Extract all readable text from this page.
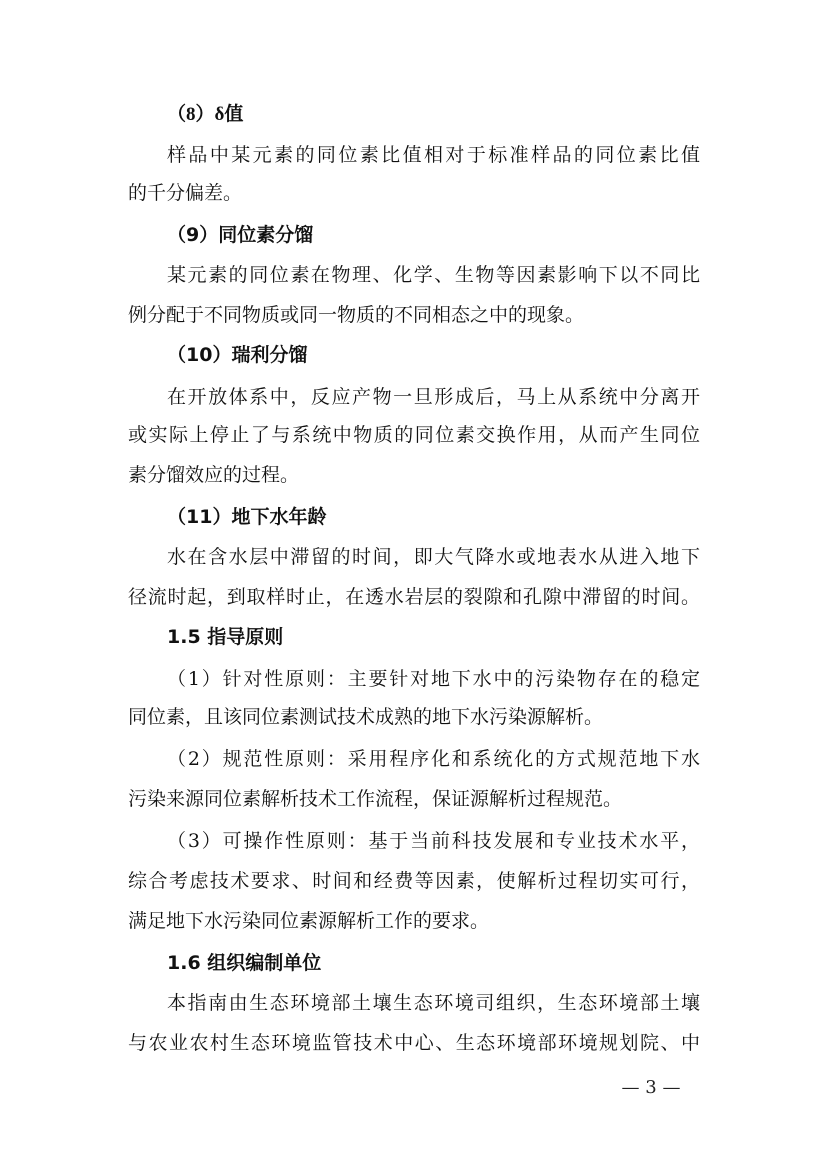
（8）δ值

样品中某元素的同位素比值相对于标准样品的同位素比值

的千分偏差。

（9）同位素分馏

某元素的同位素在物理、化学、生物等因素影响下以不同比

例分配于不同物质或同一物质的不同相态之中的现象。

（10）瑞利分馏

在开放体系中，反应产物一旦形成后，马上从系统中分离开

或实际上停止了与系统中物质的同位素交换作用，从而产生同位

素分馏效应的过程。

（11）地下水年龄

水在含水层中滞留的时间，即大气降水或地表水从进入地下

径流时起，到取样时止，在透水岩层的裂隙和孔隙中滞留的时间。

1.5 指导原则

（1）针对性原则：主要针对地下水中的污染物存在的稳定

同位素，且该同位素测试技术成熟的地下水污染源解析。

（2）规范性原则：采用程序化和系统化的方式规范地下水

污染来源同位素解析技术工作流程，保证源解析过程规范。

（3）可操作性原则：基于当前科技发展和专业技术水平，

综合考虑技术要求、时间和经费等因素，使解析过程切实可行，

满足地下水污染同位素源解析工作的要求。

1.6 组织编制单位

本指南由生态环境部土壤生态环境司组织，生态环境部土壤

与农业农村生态环境监管技术中心、生态环境部环境规划院、中

— 3 —
